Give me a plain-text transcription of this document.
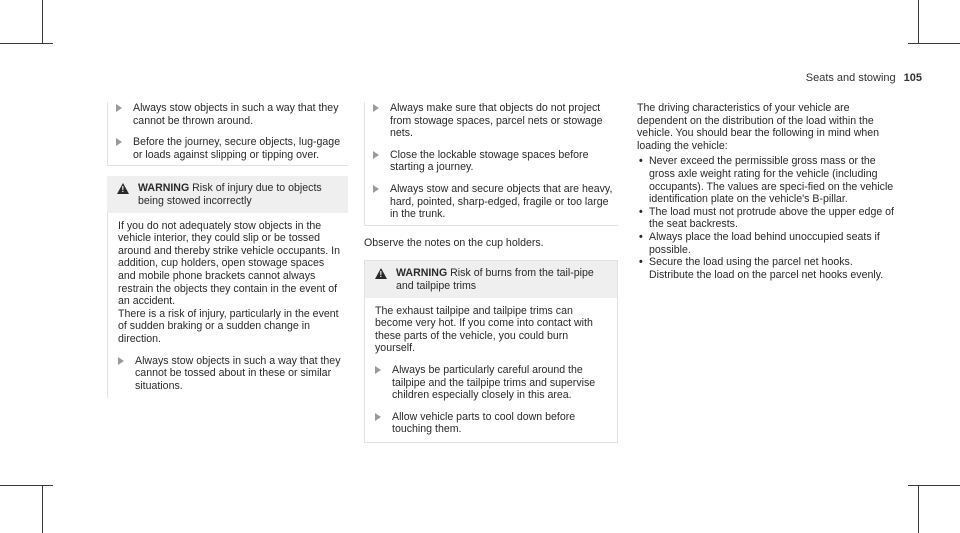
Seats and stowing 105

Always stow objects in such a way that they cannot be thrown around.

Before the journey, secure objects, lug-gage or loads against slipping or tipping over.

!
WARNING Risk of injury due to objects being stowed incorrectly

If you do not adequately stow objects in the vehicle interior, they could slip or be tossed around and thereby strike vehicle occupants. In addition, cup holders, open stowage spaces and mobile phone brackets cannot always restrain the objects they contain in the event of an accident.

There is a risk of injury, particularly in the event of sudden braking or a sudden change in direction.

Always stow objects in such a way that they cannot be tossed about in these or similar situations.

Always make sure that objects do not project from stowage spaces, parcel nets or stowage nets.

Close the lockable stowage spaces before starting a journey.

Always stow and secure objects that are heavy, hard, pointed, sharp-edged, fragile or too large in the trunk.

Observe the notes on the cup holders.

!
WARNING Risk of burns from the tail-pipe and tailpipe trims

The exhaust tailpipe and tailpipe trims can become very hot. If you come into contact with these parts of the vehicle, you could burn yourself.

Always be particularly careful around the tailpipe and the tailpipe trims and supervise children especially closely in this area.

Allow vehicle parts to cool down before touching them.

The driving characteristics of your vehicle are dependent on the distribution of the load within the vehicle. You should bear the following in mind when loading the vehicle:

• Never exceed the permissible gross mass or the gross axle weight rating for the vehicle (including occupants). The values are speci-fied on the vehicle identification plate on the vehicle's B-pillar.

• The load must not protrude above the upper edge of the seat backrests.

• Always place the load behind unoccupied seats if possible.

• Secure the load using the parcel net hooks. Distribute the load on the parcel net hooks evenly.
